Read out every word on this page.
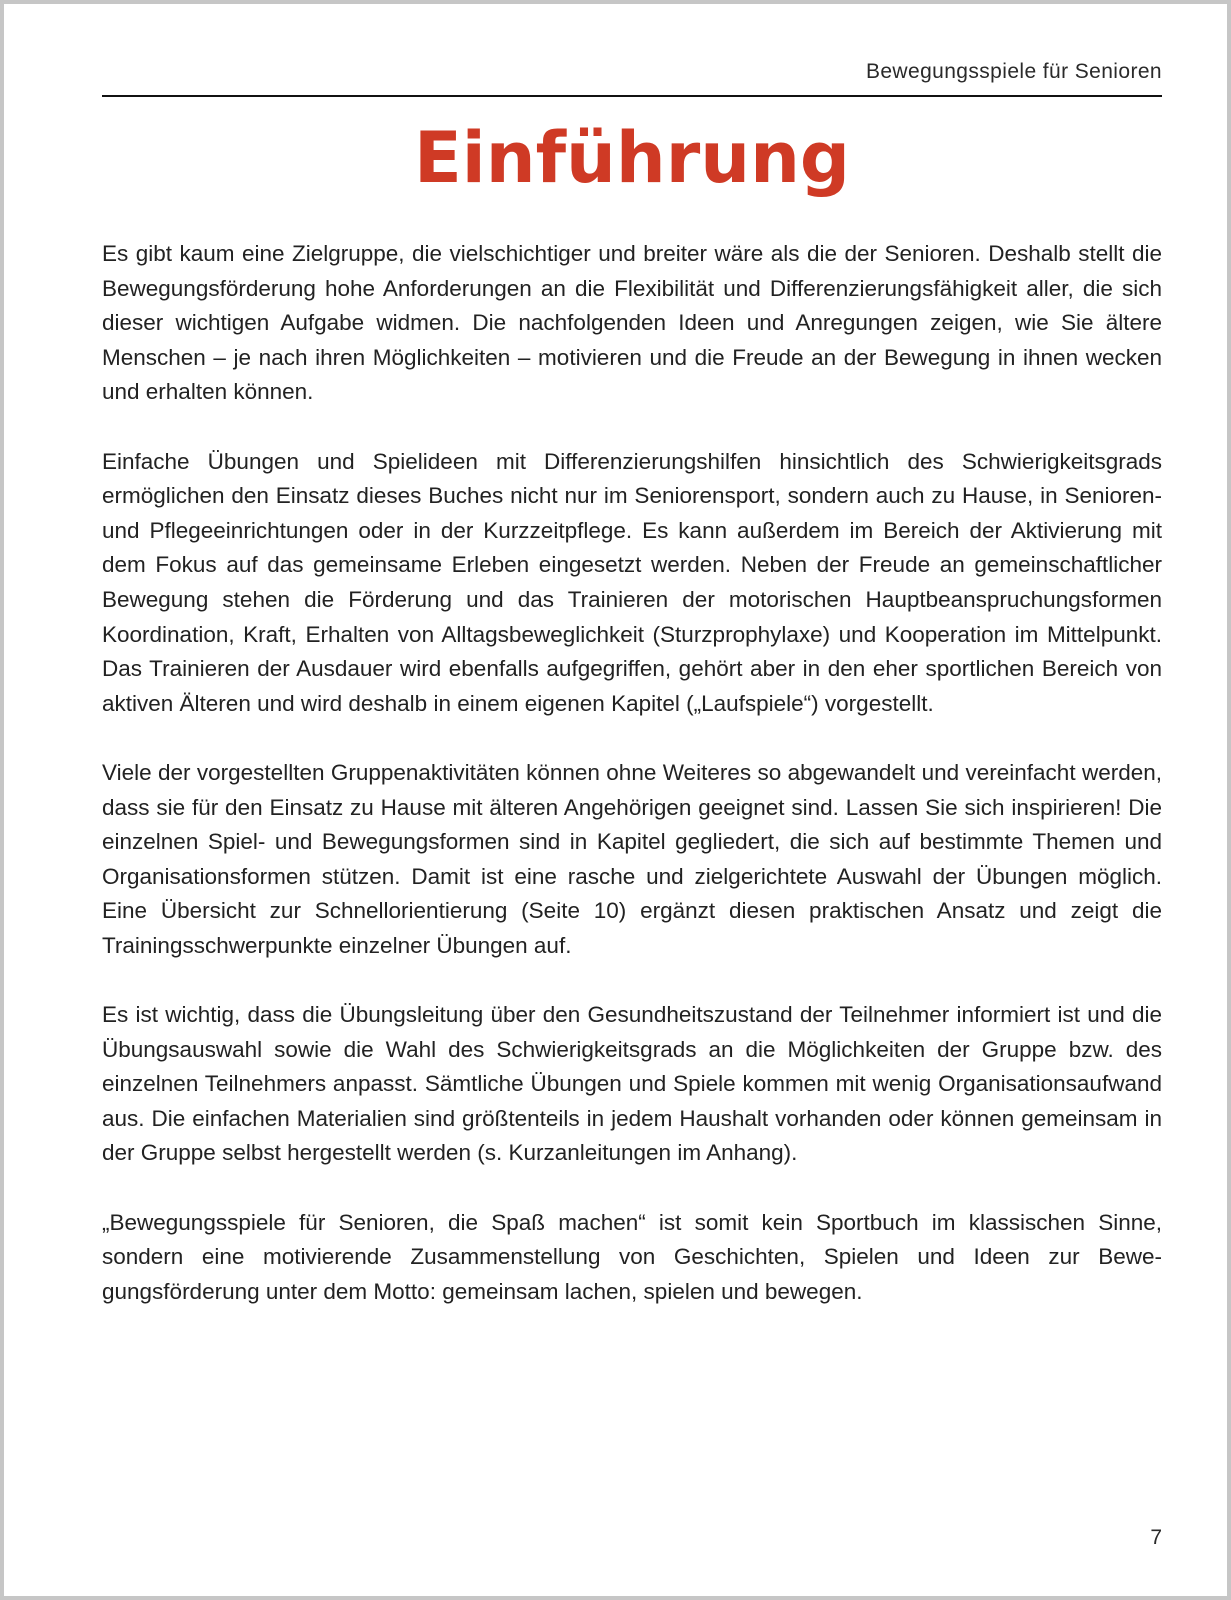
Bewegungsspiele für Senioren
Einführung

Es gibt kaum eine Zielgruppe, die vielschichtiger und breiter wäre als die der Senioren. Deshalb stellt die Bewegungsförderung hohe Anforderungen an die Flexibilität und Differenzierungsfähigkeit aller, die sich dieser wichtigen Aufgabe widmen. Die nachfolgenden Ideen und Anregungen zeigen, wie Sie ältere Menschen – je nach ihren Möglichkeiten – motivieren und die Freude an der Bewegung in ihnen wecken und erhalten können.

Einfache Übungen und Spielideen mit Differenzierungshilfen hinsichtlich des Schwierigkeitsgrads ermöglichen den Einsatz dieses Buches nicht nur im Seniorensport, sondern auch zu Hause, in Senioren- und Pflegeeinrichtungen oder in der Kurzzeitpflege. Es kann außerdem im Bereich der Aktivierung mit dem Fokus auf das gemeinsame Erleben eingesetzt werden. Neben der Freude an gemeinschaftlicher Bewegung stehen die Förderung und das Trainieren der motorischen Hauptbeanspruchungsformen Koordination, Kraft, Erhalten von Alltagsbeweglichkeit (Sturzprophylaxe) und Kooperation im Mittelpunkt. Das Trainieren der Ausdauer wird ebenfalls aufgegriffen, gehört aber in den eher sportlichen Bereich von aktiven Älteren und wird deshalb in einem eigenen Kapitel („Laufspiele“) vorgestellt.

Viele der vorgestellten Gruppenaktivitäten können ohne Weiteres so abgewandelt und vereinfacht werden, dass sie für den Einsatz zu Hause mit älteren Angehörigen geeignet sind. Lassen Sie sich inspirieren! Die einzelnen Spiel- und Bewegungsformen sind in Kapitel gegliedert, die sich auf bestimmte Themen und Organisationsformen stützen. Damit ist eine rasche und zielgerichtete Auswahl der Übungen möglich. Eine Übersicht zur Schnellorientierung (Seite 10) ergänzt diesen praktischen Ansatz und zeigt die Trainingsschwerpunkte einzelner Übungen auf.

Es ist wichtig, dass die Übungsleitung über den Gesundheitszustand der Teilnehmer informiert ist und die Übungsauswahl sowie die Wahl des Schwierigkeitsgrads an die Möglichkeiten der Gruppe bzw. des einzelnen Teilnehmers anpasst. Sämtliche Übungen und Spiele kommen mit wenig Organisationsaufwand aus. Die einfachen Materialien sind größtenteils in jedem Haushalt vorhanden oder können gemeinsam in der Gruppe selbst hergestellt werden (s. Kurzanleitungen im Anhang).

„Bewegungsspiele für Senioren, die Spaß machen“ ist somit kein Sportbuch im klassischen Sinne, sondern eine motivierende Zusammenstellung von Geschichten, Spielen und Ideen zur Bewegungsförderung unter dem Motto: gemeinsam lachen, spielen und bewegen.

7
